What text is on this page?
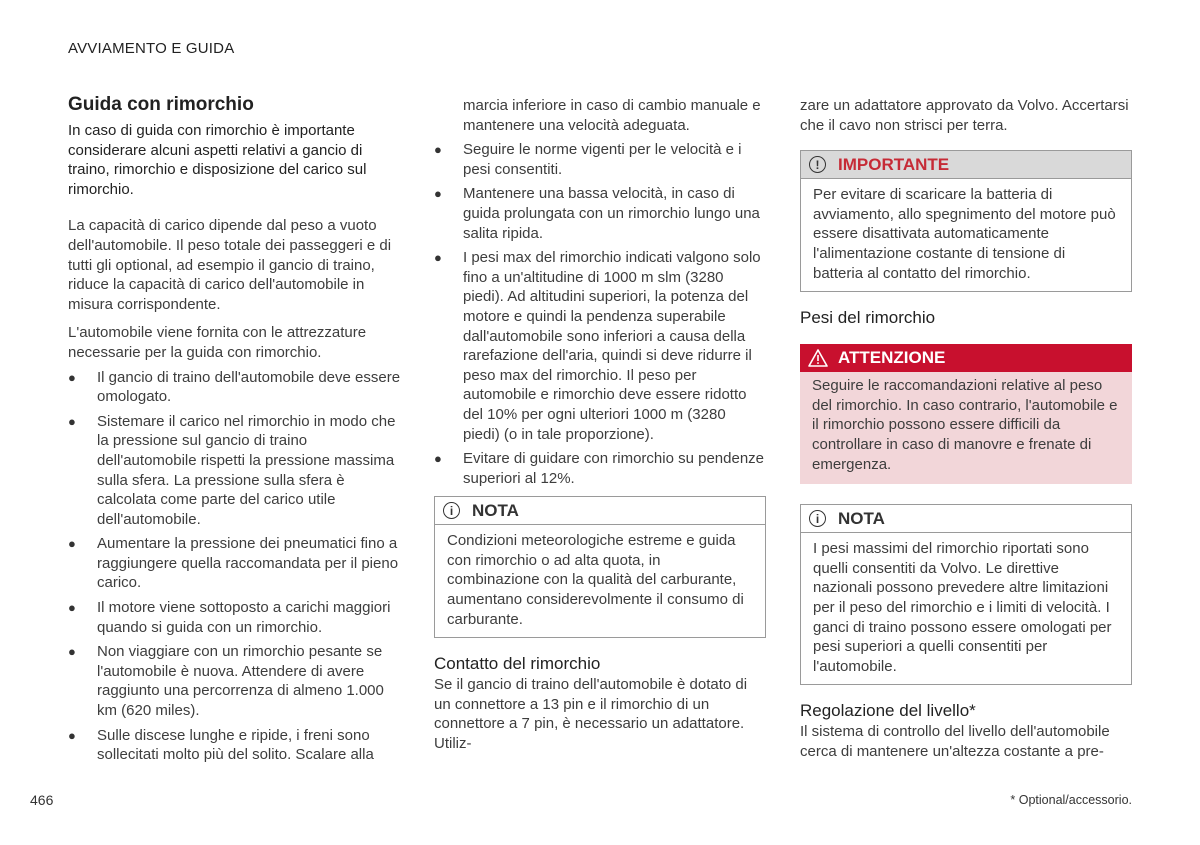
AVVIAMENTO E GUIDA
Guida con rimorchio

In caso di guida con rimorchio è importante considerare alcuni aspetti relativi a gancio di traino, rimorchio e disposizione del carico sul rimorchio.

La capacità di carico dipende dal peso a vuoto dell'automobile. Il peso totale dei passeggeri e di tutti gli optional, ad esempio il gancio di traino, riduce la capacità di carico dell'automobile in misura corrispondente.

L'automobile viene fornita con le attrezzature necessarie per la guida con rimorchio.

● Il gancio di traino dell'automobile deve essere omologato.
● Sistemare il carico nel rimorchio in modo che la pressione sul gancio di traino dell'automobile rispetti la pressione massima sulla sfera. La pressione sulla sfera è calcolata come parte del carico utile dell'automobile.
● Aumentare la pressione dei pneumatici fino a raggiungere quella raccomandata per il pieno carico.
● Il motore viene sottoposto a carichi maggiori quando si guida con un rimorchio.
● Non viaggiare con un rimorchio pesante se l'automobile è nuova. Attendere di avere raggiunto una percorrenza di almeno 1.000 km (620 miles).
● Sulle discese lunghe e ripide, i freni sono sollecitati molto più del solito. Scalare alla
marcia inferiore in caso di cambio manuale e mantenere una velocità adeguata.
● Seguire le norme vigenti per le velocità e i pesi consentiti.
● Mantenere una bassa velocità, in caso di guida prolungata con un rimorchio lungo una salita ripida.
● I pesi max del rimorchio indicati valgono solo fino a un'altitudine di 1000 m slm (3280 piedi). Ad altitudini superiori, la potenza del motore e quindi la pendenza superabile dall'automobile sono inferiori a causa della rarefazione dell'aria, quindi si deve ridurre il peso max del rimorchio. Il peso per automobile e rimorchio deve essere ridotto del 10% per ogni ulteriori 1000 m (3280 piedi) (o in tale proporzione).
● Evitare di guidare con rimorchio su pendenze superiori al 12%.
i	NOTA
Condizioni meteorologiche estreme e guida con rimorchio o ad alta quota, in combinazione con la qualità del carburante, aumentano considerevolmente il consumo di carburante.
Contatto del rimorchio

Se il gancio di traino dell'automobile è dotato di un connettore a 13 pin e il rimorchio di un connettore a 7 pin, è necessario un adattatore. Utiliz-

zare un adattatore approvato da Volvo. Accertarsi che il cavo non strisci per terra.

!	IMPORTANTE
Per evitare di scaricare la batteria di avviamento, allo spegnimento del motore può essere disattivata automaticamente l'alimentazione costante di tensione di batteria al contatto del rimorchio.
Pesi del rimorchio
ATTENZIONE
Seguire le raccomandazioni relative al peso del rimorchio. In caso contrario, l'automobile e il rimorchio possono essere difficili da controllare in caso di manovre e frenate di emergenza.
i	NOTA
I pesi massimi del rimorchio riportati sono quelli consentiti da Volvo. Le direttive nazionali possono prevedere altre limitazioni per il peso del rimorchio e i limiti di velocità. I ganci di traino possono essere omologati per pesi superiori a quelli consentiti per l'automobile.
Regolazione del livello*

Il sistema di controllo del livello dell'automobile cerca di mantenere un'altezza costante a pre-

466	* Optional/accessorio.
